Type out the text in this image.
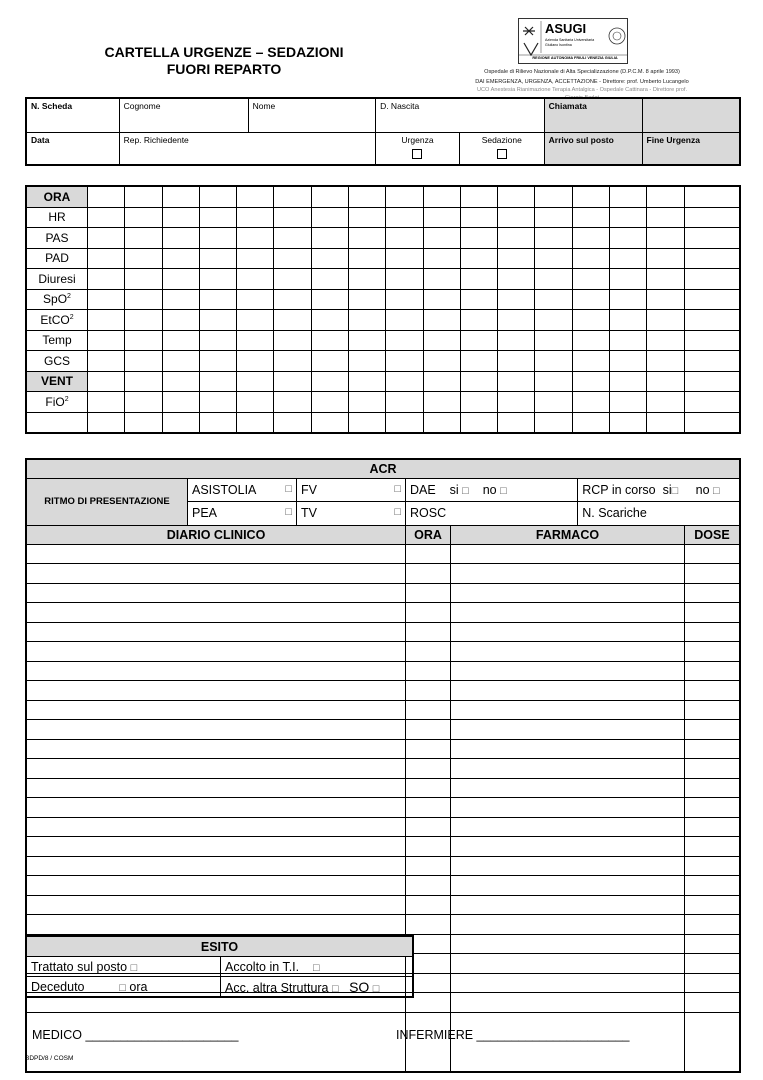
CARTELLA URGENZE – SEDAZIONI
FUORI REPARTO
ASUGI
Azienda Sanitaria Universitaria Giuliano Isontina
REGIONE AUTONOMA FRIULI VENEZIA GIULIA
Ospedale di Rilievo Nazionale di Alta Specializzazione (D.P.C.M. 8 aprile 1993)
DAI EMERGENZA, URGENZA, ACCETTAZIONE - Direttore: prof. Umberto Lucangelo
UCO Anestesia Rianimazione Terapia Antalgica - Ospedale Cattinara - Direttore prof.
N. Scheda	Cognome	Nome	D. Nascita		Chiamata	
Data	Rep. Richiedente		Urgenza	Sedazione	Arrivo sul posto	Fine Urgenza
ORA																	
HR																	
PAS																	
PAD																	
Diuresi																	
SpO$^2$																	
EtCO$^2$																	
Temp																	
GCS																	
VENT																	
FiO$^2$																	

ACR						
RITMO DI PRESENTAZIONE	ASISTOLIA □	FV □	DAE si □ no □		RCP in corso si□ no □	
	PEA □	TV □	ROSC		N. Scariche	
DIARIO CLINICO			ORA	FARMACO		DOSE

ESITO	
Trattato sul posto □	Accolto in T.I. □
Deceduto □ ora	Acc. altra Struttura □ SO □
MEDICO ______________________	INFERMIERE ______________________
BDPD/8 / COSM
